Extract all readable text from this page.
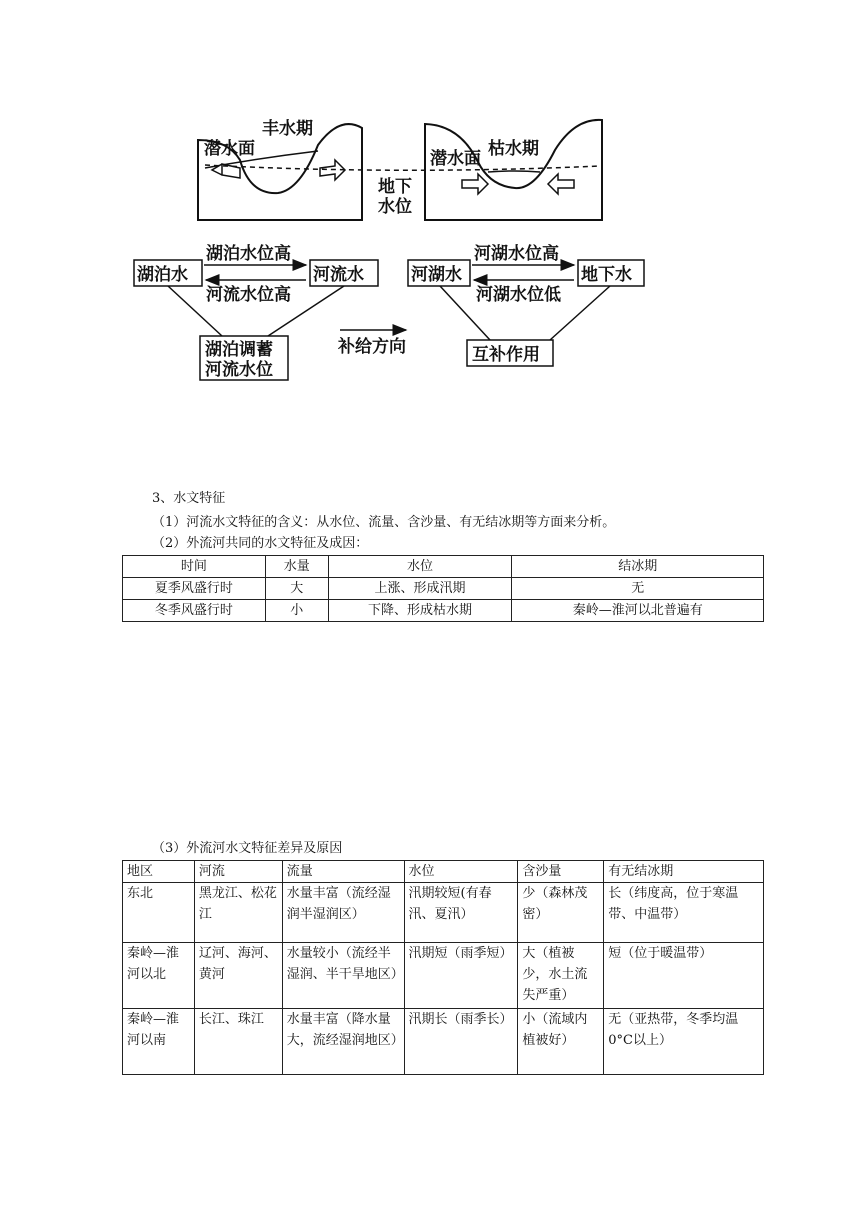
丰水期
潜水面
地下
水位
枯水期
潜水面
湖泊水	河流水
湖泊水位高
河流水位高
湖泊调蓄
河流水位
补给方向
河湖水	地下水
河湖水位高
河湖水位低
互补作用
3、水文特征
（1）河流水文特征的含义：从水位、流量、含沙量、有无结冰期等方面来分析。
（2）外流河共同的水文特征及成因：
时间	水量	水位	结冰期
夏季风盛行时	大	上涨、形成汛期	无
冬季风盛行时	小	下降、形成枯水期	秦岭—淮河以北普遍有
（3）外流河水文特征差异及原因
地区	河流	流量	水位	含沙量	有无结冰期
东北	黑龙江、松花江	水量丰富（流经湿润半湿润区）	汛期较短(有春汛、夏汛）	少（森林茂密）	长（纬度高，位于寒温带、中温带）
秦岭—淮河以北	辽河、海河、黄河	水量较小（流经半湿润、半干旱地区）	汛期短（雨季短）	大（植被少，水土流失严重）	短（位于暖温带）
秦岭—淮河以南	长江、珠江	水量丰富（降水量大，流经湿润地区）	汛期长（雨季长）	小（流域内植被好）	无（亚热带，冬季均温0°C以上）
